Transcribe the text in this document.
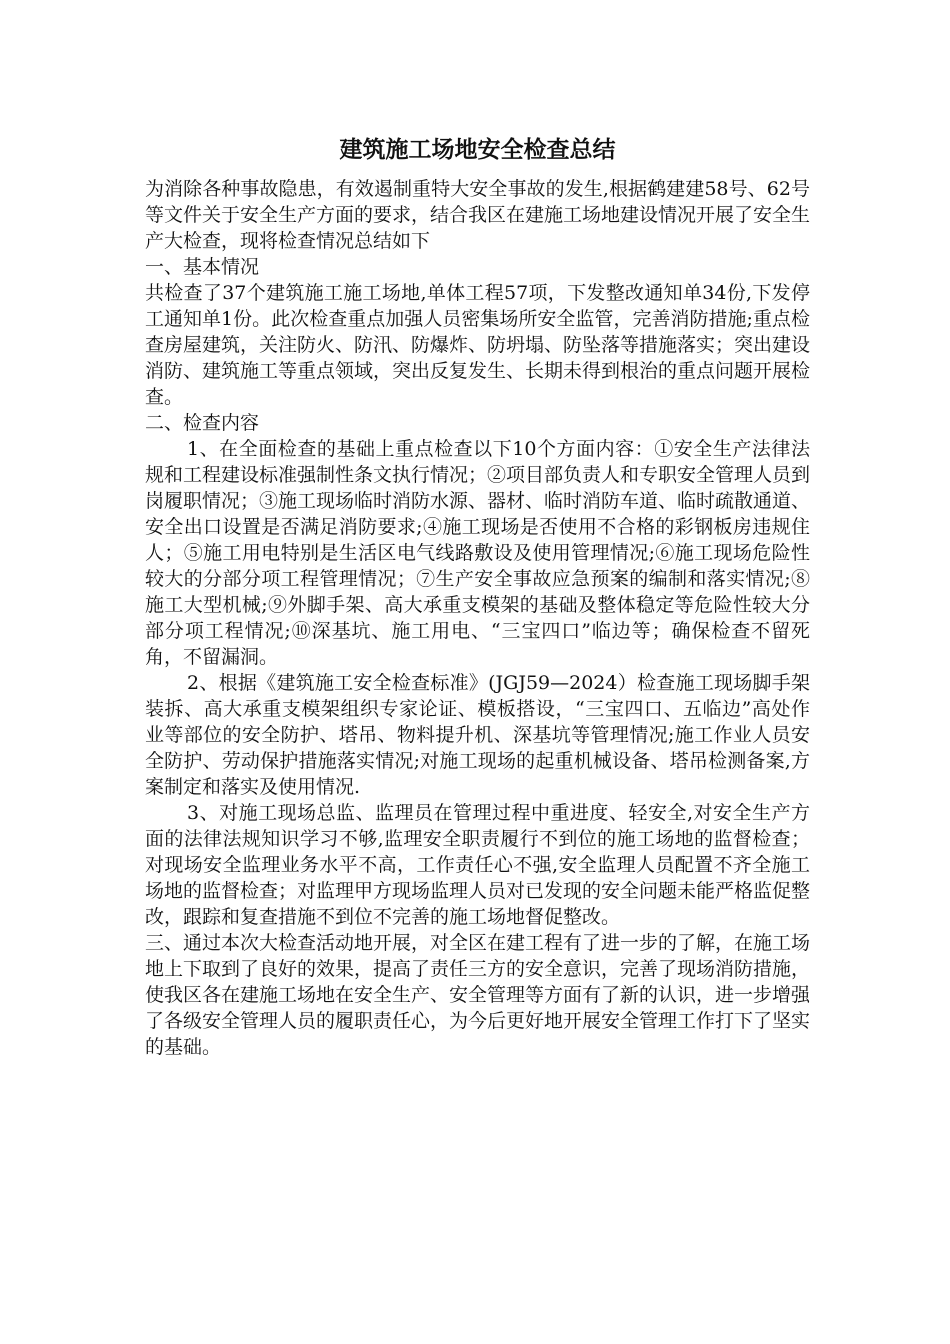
建筑施工场地安全检查总结

为消除各种事故隐患，有效遏制重特大安全事故的发生,根据鹤建建58号、62号等文件关于安全生产方面的要求，结合我区在建施工场地建设情况开展了安全生产大检查，现将检查情况总结如下

一、基本情况

共检查了37个建筑施工施工场地,单体工程57项，下发整改通知单34份,下发停工通知单1份。此次检查重点加强人员密集场所安全监管，完善消防措施;重点检查房屋建筑，关注防火、防汛、防爆炸、防坍塌、防坠落等措施落实；突出建设消防、建筑施工等重点领域，突出反复发生、长期未得到根治的重点问题开展检查。

二、检查内容

1、在全面检查的基础上重点检查以下10个方面内容：①安全生产法律法规和工程建设标准强制性条文执行情况；②项目部负责人和专职安全管理人员到岗履职情况；③施工现场临时消防水源、器材、临时消防车道、临时疏散通道、安全出口设置是否满足消防要求;④施工现场是否使用不合格的彩钢板房违规住人；⑤施工用电特别是生活区电气线路敷设及使用管理情况;⑥施工现场危险性较大的分部分项工程管理情况；⑦生产安全事故应急预案的编制和落实情况;⑧施工大型机械;⑨外脚手架、高大承重支模架的基础及整体稳定等危险性较大分部分项工程情况;⑩深基坑、施工用电、“三宝四口”临边等；确保检查不留死角，不留漏洞。

2、根据《建筑施工安全检查标准》(JGJ59—2024）检查施工现场脚手架装拆、高大承重支模架组织专家论证、模板搭设，“三宝四口、五临边”高处作业等部位的安全防护、塔吊、物料提升机、深基坑等管理情况;施工作业人员安全防护、劳动保护措施落实情况;对施工现场的起重机械设备、塔吊检测备案,方案制定和落实及使用情况.

3、对施工现场总监、监理员在管理过程中重进度、轻安全,对安全生产方面的法律法规知识学习不够,监理安全职责履行不到位的施工场地的监督检查；对现场安全监理业务水平不高，工作责任心不强,安全监理人员配置不齐全施工场地的监督检查；对监理甲方现场监理人员对已发现的安全问题未能严格监促整改，跟踪和复查措施不到位不完善的施工场地督促整改。

三、通过本次大检查活动地开展，对全区在建工程有了进一步的了解，在施工场地上下取到了良好的效果，提高了责任三方的安全意识，完善了现场消防措施，使我区各在建施工场地在安全生产、安全管理等方面有了新的认识，进一步增强了各级安全管理人员的履职责任心，为今后更好地开展安全管理工作打下了坚实的基础。
